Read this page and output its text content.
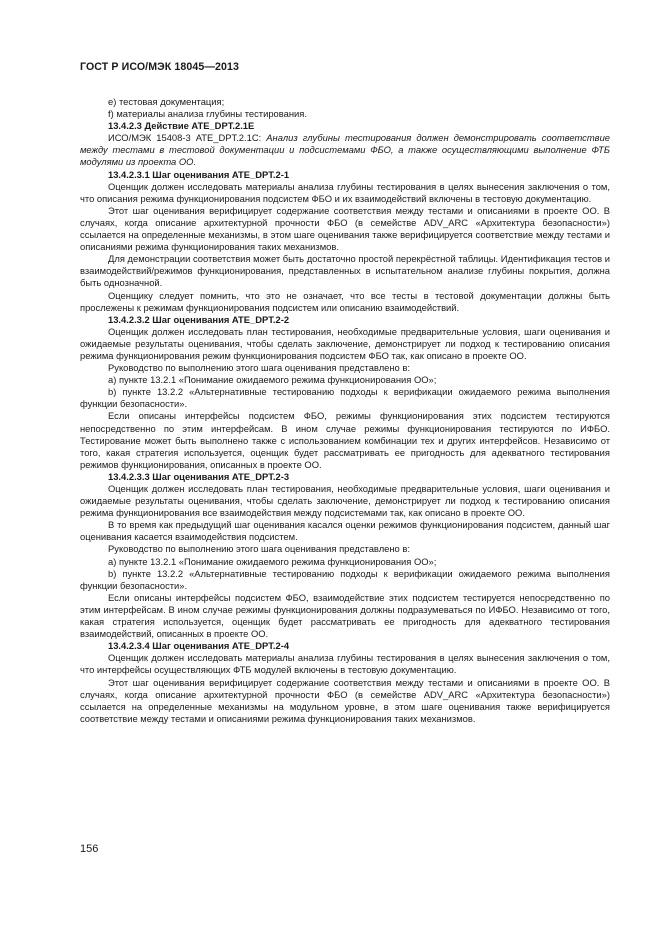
ГОСТ Р ИСО/МЭК 18045—2013

e) тестовая документация;

f) материалы анализа глубины тестирования.

13.4.2.3 Действие ATE_DPT.2.1E

ИСО/МЭК 15408-3 ATE_DPT.2.1C: Анализ глубины тестирования должен демонстрировать соответствие между тестами в тестовой документации и подсистемами ФБО, а также осуществляющими выполнение ФТБ модулями из проекта ОО.

13.4.2.3.1 Шаг оценивания ATE_DPT.2-1

Оценщик должен исследовать материалы анализа глубины тестирования в целях вынесения заключения о том, что описания режима функционирования подсистем ФБО и их взаимодействий включены в тестовую документацию.

Этот шаг оценивания верифицирует содержание соответствия между тестами и описаниями в проекте ОО. В случаях, когда описание архитектурной прочности ФБО (в семействе ADV_ARC «Архитектура безопасности») ссылается на определенные механизмы, в этом шаге оценивания также верифицируется соответствие между тестами и описаниями режима функционирования таких механизмов.

Для демонстрации соответствия может быть достаточно простой перекрёстной таблицы. Идентификация тестов и взаимодействий/режимов функционирования, представленных в испытательном анализе глубины покрытия, должна быть однозначной.

Оценщику следует помнить, что это не означает, что все тесты в тестовой документации должны быть прослежены к режимам функционирования подсистем или описанию взаимодействий.

13.4.2.3.2 Шаг оценивания ATE_DPT.2-2

Оценщик должен исследовать план тестирования, необходимые предварительные условия, шаги оценивания и ожидаемые результаты оценивания, чтобы сделать заключение, демонстрирует ли подход к тестированию описания режима функционирования режим функционирования подсистем ФБО так, как описано в проекте ОО.

Руководство по выполнению этого шага оценивания представлено в:

а) пункте 13.2.1 «Понимание ожидаемого режима функционирования ОО»;

b) пункте 13.2.2 «Альтернативные тестированию подходы к верификации ожидаемого режима выполнения функции безопасности».

Если описаны интерфейсы подсистем ФБО, режимы функционирования этих подсистем тестируются непосредственно по этим интерфейсам. В ином случае режимы функционирования тестируются по ИФБО. Тестирование может быть выполнено также с использованием комбинации тех и других интерфейсов. Независимо от того, какая стратегия используется, оценщик будет рассматривать ее пригодность для адекватного тестирования режимов функционирования, описанных в проекте ОО.

13.4.2.3.3 Шаг оценивания ATE_DPT.2-3

Оценщик должен исследовать план тестирования, необходимые предварительные условия, шаги оценивания и ожидаемые результаты оценивания, чтобы сделать заключение, демонстрирует ли подход к тестированию описания режима функционирования все взаимодействия между подсистемами так, как описано в проекте ОО.

В то время как предыдущий шаг оценивания касался оценки режимов функционирования подсистем, данный шаг оценивания касается взаимодействия подсистем.

Руководство по выполнению этого шага оценивания представлено в:

а) пункте 13.2.1 «Понимание ожидаемого режима функционирования ОО»;

b) пункте 13.2.2 «Альтернативные тестированию подходы к верификации ожидаемого режима выполнения функции безопасности».

Если описаны интерфейсы подсистем ФБО, взаимодействие этих подсистем тестируется непосредственно по этим интерфейсам. В ином случае режимы функционирования должны подразумеваться по ИФБО. Независимо от того, какая стратегия используется, оценщик будет рассматривать ее пригодность для адекватного тестирования взаимодействий, описанных в проекте ОО.

13.4.2.3.4 Шаг оценивания ATE_DPT.2-4

Оценщик должен исследовать материалы анализа глубины тестирования в целях вынесения заключения о том, что интерфейсы осуществляющих ФТБ модулей включены в тестовую документацию.

Этот шаг оценивания верифицирует содержание соответствия между тестами и описаниями в проекте ОО. В случаях, когда описание архитектурной прочности ФБО (в семействе ADV_ARC «Архитектура безопасности») ссылается на определенные механизмы на модульном уровне, в этом шаге оценивания также верифицируется соответствие между тестами и описаниями режима функционирования таких механизмов.

156
